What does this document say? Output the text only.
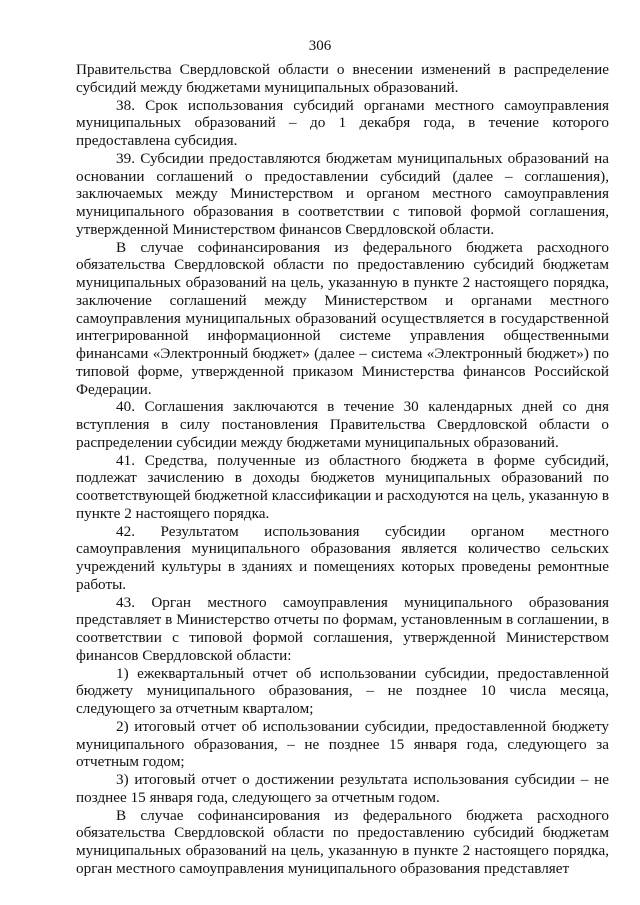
306

Правительства Свердловской области о внесении изменений в распределение субсидий между бюджетами муниципальных образований.

38. Срок использования субсидий органами местного самоуправления муниципальных образований – до 1 декабря года, в течение которого предоставлена субсидия.

39. Субсидии предоставляются бюджетам муниципальных образований на основании соглашений о предоставлении субсидий (далее – соглашения), заключаемых между Министерством и органом местного самоуправления муниципального образования в соответствии с типовой формой соглашения, утвержденной Министерством финансов Свердловской области.

В случае софинансирования из федерального бюджета расходного обязательства Свердловской области по предоставлению субсидий бюджетам муниципальных образований на цель, указанную в пункте 2 настоящего порядка, заключение соглашений между Министерством и органами местного самоуправления муниципальных образований осуществляется в государственной интегрированной информационной системе управления общественными финансами «Электронный бюджет» (далее – система «Электронный бюджет») по типовой форме, утвержденной приказом Министерства финансов Российской Федерации.

40. Соглашения заключаются в течение 30 календарных дней со дня вступления в силу постановления Правительства Свердловской области о распределении субсидии между бюджетами муниципальных образований.

41. Средства, полученные из областного бюджета в форме субсидий, подлежат зачислению в доходы бюджетов муниципальных образований по соответствующей бюджетной классификации и расходуются на цель, указанную в пункте 2 настоящего порядка.

42. Результатом использования субсидии органом местного самоуправления муниципального образования является количество сельских учреждений культуры в зданиях и помещениях которых проведены ремонтные работы.

43. Орган местного самоуправления муниципального образования представляет в Министерство отчеты по формам, установленным в соглашении, в соответствии с типовой формой соглашения, утвержденной Министерством финансов Свердловской области:

1) ежеквартальный отчет об использовании субсидии, предоставленной бюджету муниципального образования, – не позднее 10 числа месяца, следующего за отчетным кварталом;

2) итоговый отчет об использовании субсидии, предоставленной бюджету муниципального образования, – не позднее 15 января года, следующего за отчетным годом;

3) итоговый отчет о достижении результата использования субсидии – не позднее 15 января года, следующего за отчетным годом.

В случае софинансирования из федерального бюджета расходного обязательства Свердловской области по предоставлению субсидий бюджетам муниципальных образований на цель, указанную в пункте 2 настоящего порядка, орган местного самоуправления муниципального образования представляет
